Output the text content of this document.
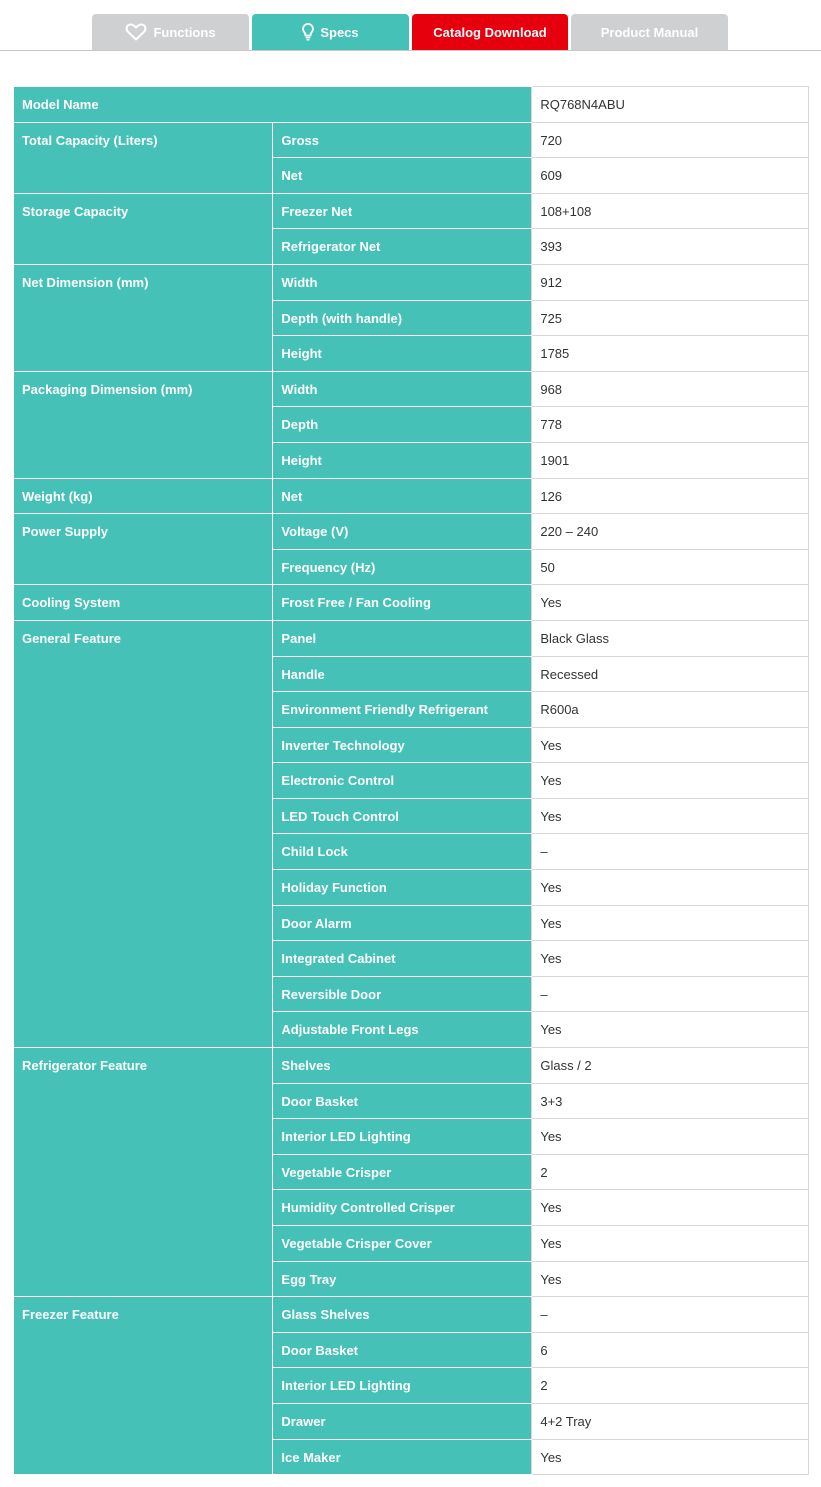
Functions	Specs	Catalog Download	Product Manual
Model Name		RQ768N4ABU
Total Capacity (Liters)	Gross	720
	Net	609
Storage Capacity	Freezer Net	108+108
	Refrigerator Net	393
Net Dimension (mm)	Width	912
	Depth (with handle)	725
	Height	1785
Packaging Dimension (mm)	Width	968
	Depth	778
	Height	1901
Weight (kg)	Net	126
Power Supply	Voltage (V)	220 – 240
	Frequency (Hz)	50
Cooling System	Frost Free / Fan Cooling	Yes
General Feature	Panel	Black Glass
	Handle	Recessed
	Environment Friendly Refrigerant	R600a
	Inverter Technology	Yes
	Electronic Control	Yes
	LED Touch Control	Yes
	Child Lock	–
	Holiday Function	Yes
	Door Alarm	Yes
	Integrated Cabinet	Yes
	Reversible Door	–
	Adjustable Front Legs	Yes
Refrigerator Feature	Shelves	Glass / 2
	Door Basket	3+3
	Interior LED Lighting	Yes
	Vegetable Crisper	2
	Humidity Controlled Crisper	Yes
	Vegetable Crisper Cover	Yes
	Egg Tray	Yes
Freezer Feature	Glass Shelves	–
	Door Basket	6
	Interior LED Lighting	2
	Drawer	4+2 Tray
	Ice Maker	Yes
